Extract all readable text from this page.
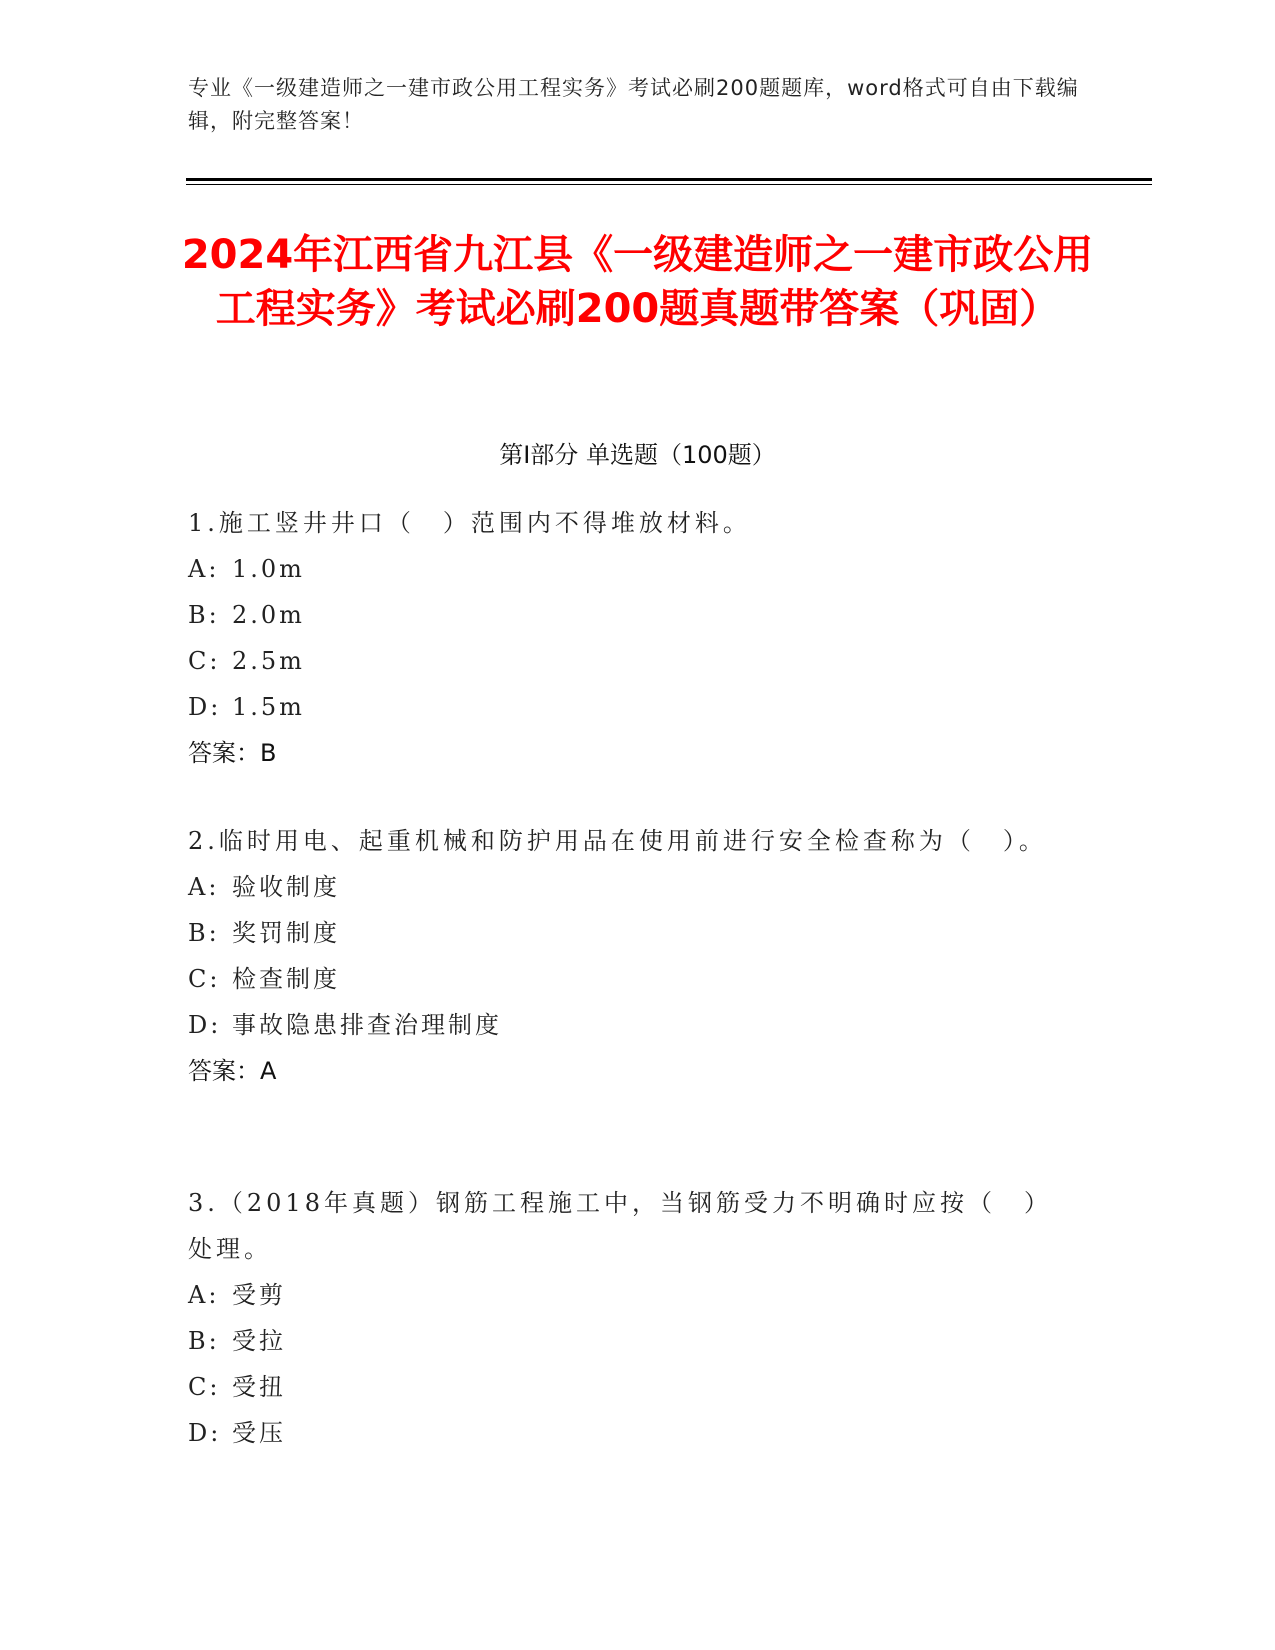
专业《一级建造师之一建市政公用工程实务》考试必刷200题题库，word格式可自由下载编辑，附完整答案！
2024年江西省九江县《一级建造师之一建市政公用工程实务》考试必刷200题真题带答案（巩固）
第I部分 单选题（100题）

1.施工竖井井口（　）范围内不得堆放材料。

A: 1.0m
B: 2.0m
C: 2.5m
D: 1.5m

答案：B

2.临时用电、起重机械和防护用品在使用前进行安全检查称为（　）。

A: 验收制度
B: 奖罚制度
C: 检查制度
D: 事故隐患排查治理制度

答案：A

3.（2018年真题）钢筋工程施工中，当钢筋受力不明确时应按（　）处理。

A: 受剪
B: 受拉
C: 受扭
D: 受压
